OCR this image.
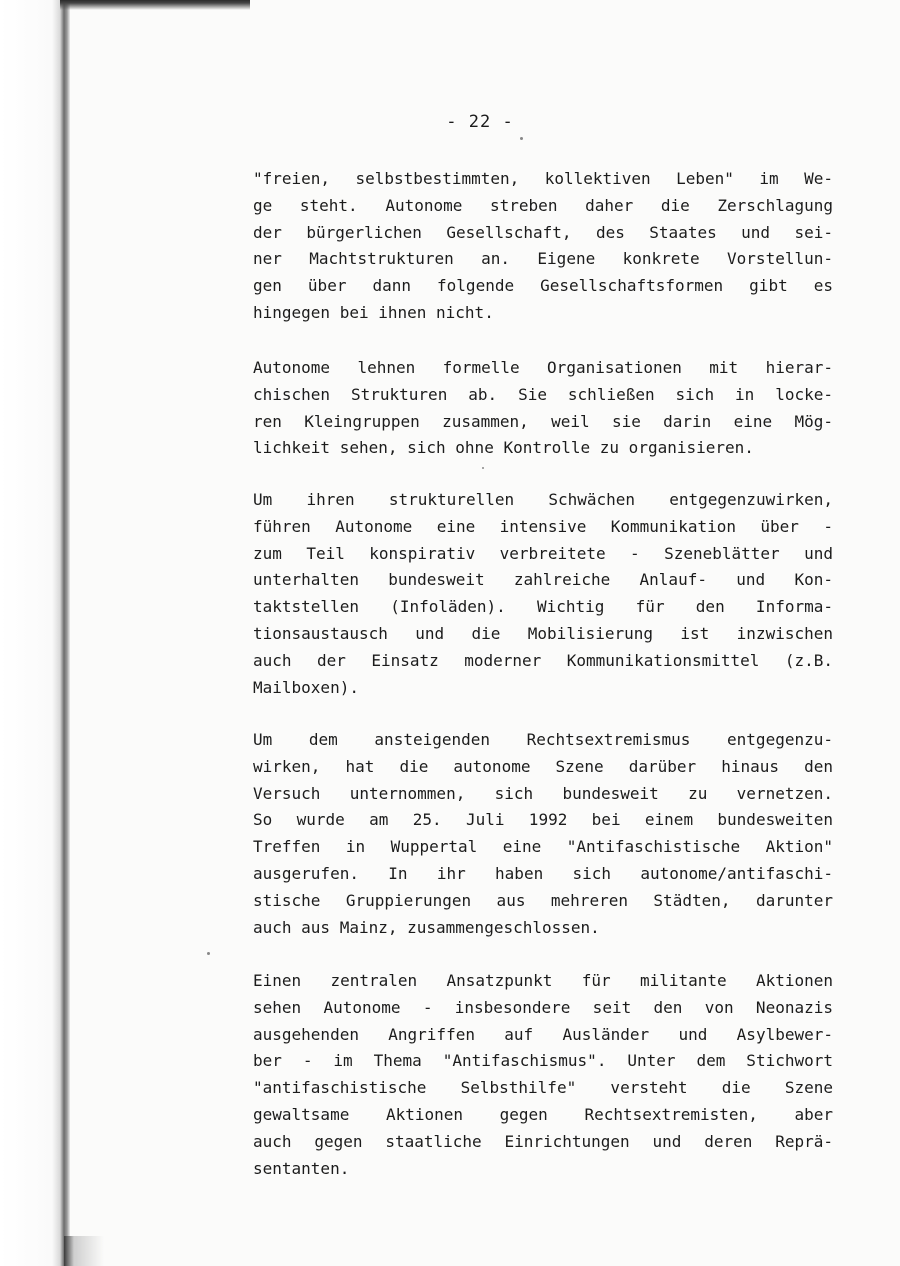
- 22 -
"freien, selbstbestimmten, kollektiven Leben" im We-
ge steht. Autonome streben daher die Zerschlagung
der bürgerlichen Gesellschaft, des Staates und sei-
ner Machtstrukturen an. Eigene konkrete Vorstellun-
gen über dann folgende Gesellschaftsformen gibt es
hingegen bei ihnen nicht.
Autonome lehnen formelle Organisationen mit hierar-
chischen Strukturen ab. Sie schließen sich in locke-
ren Kleingruppen zusammen, weil sie darin eine Mög-
lichkeit sehen, sich ohne Kontrolle zu organisieren.
Um ihren strukturellen Schwächen entgegenzuwirken,
führen Autonome eine intensive Kommunikation über -
zum Teil konspirativ verbreitete - Szeneblätter und
unterhalten bundesweit zahlreiche Anlauf- und Kon-
taktstellen (Infoläden). Wichtig für den Informa-
tionsaustausch und die Mobilisierung ist inzwischen
auch der Einsatz moderner Kommunikationsmittel (z.B.
Mailboxen).
Um dem ansteigenden Rechtsextremismus entgegenzu-
wirken, hat die autonome Szene darüber hinaus den
Versuch unternommen, sich bundesweit zu vernetzen.
So wurde am 25. Juli 1992 bei einem bundesweiten
Treffen in Wuppertal eine "Antifaschistische Aktion"
ausgerufen. In ihr haben sich autonome/antifaschi-
stische Gruppierungen aus mehreren Städten, darunter
auch aus Mainz, zusammengeschlossen.
Einen zentralen Ansatzpunkt für militante Aktionen
sehen Autonome - insbesondere seit den von Neonazis
ausgehenden Angriffen auf Ausländer und Asylbewer-
ber - im Thema "Antifaschismus". Unter dem Stichwort
"antifaschistische Selbsthilfe" versteht die Szene
gewaltsame Aktionen gegen Rechtsextremisten, aber
auch gegen staatliche Einrichtungen und deren Reprä-
sentanten.
